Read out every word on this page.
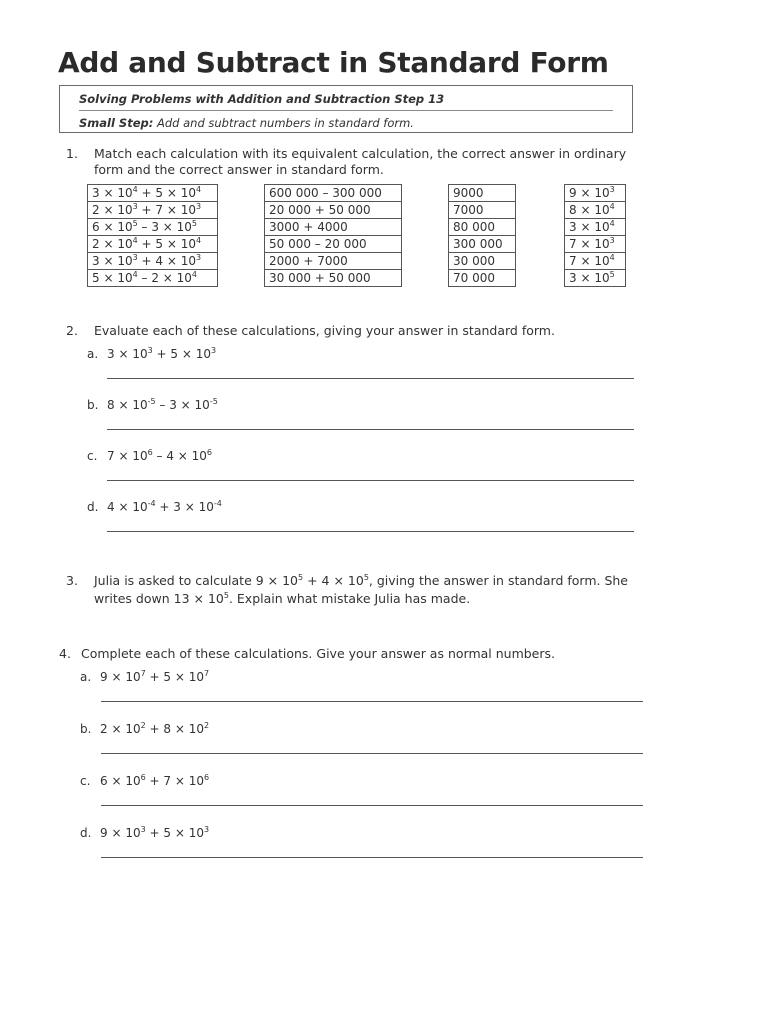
Add and Subtract in Standard Form
Solving Problems with Addition and Subtraction Step 13
Small Step: Add and subtract numbers in standard form.
1. Match each calculation with its equivalent calculation, the correct answer in ordinary
form and the correct answer in standard form.
$3 \times 10^4 + 5 \times 10^4$
$2 \times 10^3 + 7 \times 10^3$
$6 \times 10^5 - 3 \times 10^5$
$2 \times 10^4 + 5 \times 10^4$
$3 \times 10^3 + 4 \times 10^3$
$5 \times 10^4 - 2 \times 10^4$
600 000 – 300 000
20 000 + 50 000
3000 + 4000
50 000 – 20 000
2000 + 7000
30 000 + 50 000
9000
7000
80 000
300 000
30 000
70 000
$9 \times 10^3$
$8 \times 10^4$
$3 \times 10^4$
$7 \times 10^3$
$7 \times 10^4$
$3 \times 10^5$
2. Evaluate each of these calculations, giving your answer in standard form.
a. $3 \times 10^3 + 5 \times 10^3$
b. $8 \times 10^{-5} - 3 \times 10^{-5}$
c. $7 \times 10^6 - 4 \times 10^6$
d. $4 \times 10^{-4} + 3 \times 10^{-4}$
3. Julia is asked to calculate $9 \times 10^5 + 4 \times 10^5$, giving the answer in standard form. She
writes down $13 \times 10^5$. Explain what mistake Julia has made.
4. Complete each of these calculations. Give your answer as normal numbers.
a. $9 \times 10^7 + 5 \times 10^7$
b. $2 \times 10^2 + 8 \times 10^2$
c. $6 \times 10^6 + 7 \times 10^6$
d. $9 \times 10^3 + 5 \times 10^3$
